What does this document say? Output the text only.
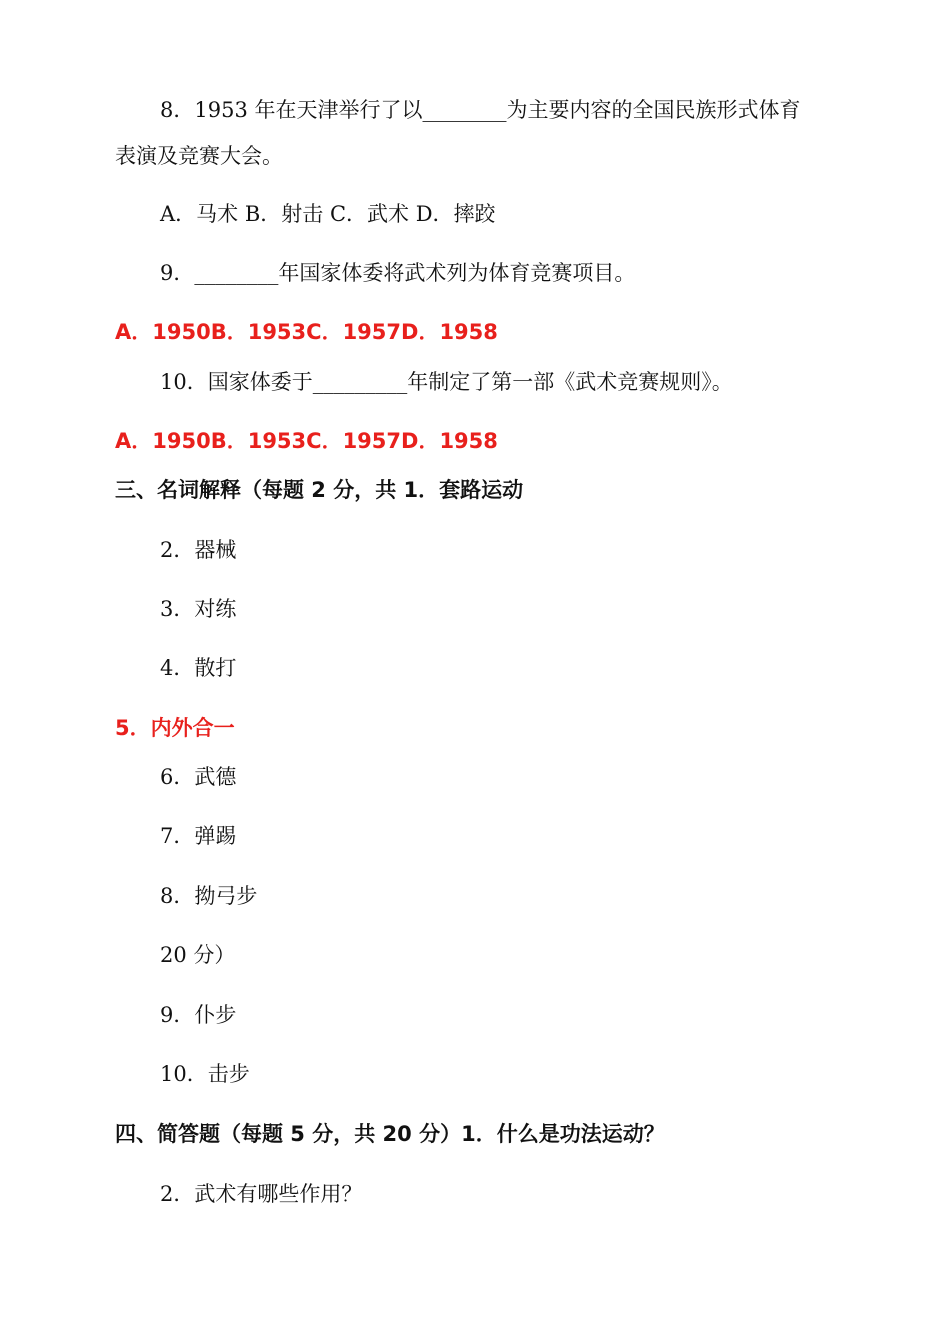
8．1953 年在天津举行了以________为主要内容的全国民族形式体育
表演及竞赛大会。
A．马术 B．射击 C．武术 D．摔跤
9．________年国家体委将武术列为体育竞赛项目。
A．1950B．1953C．1957D．1958
10．国家体委于_________年制定了第一部《武术竞赛规则》。
A．1950B．1953C．1957D．1958
三、名词解释（每题 2 分，共 1．套路运动
2．器械
3．对练
4．散打
5．内外合一
6．武德
7．弹踢
8．拗弓步
20 分）
9．仆步
10．击步
四、简答题（每题 5 分，共 20 分）1．什么是功法运动？
2．武术有哪些作用？
